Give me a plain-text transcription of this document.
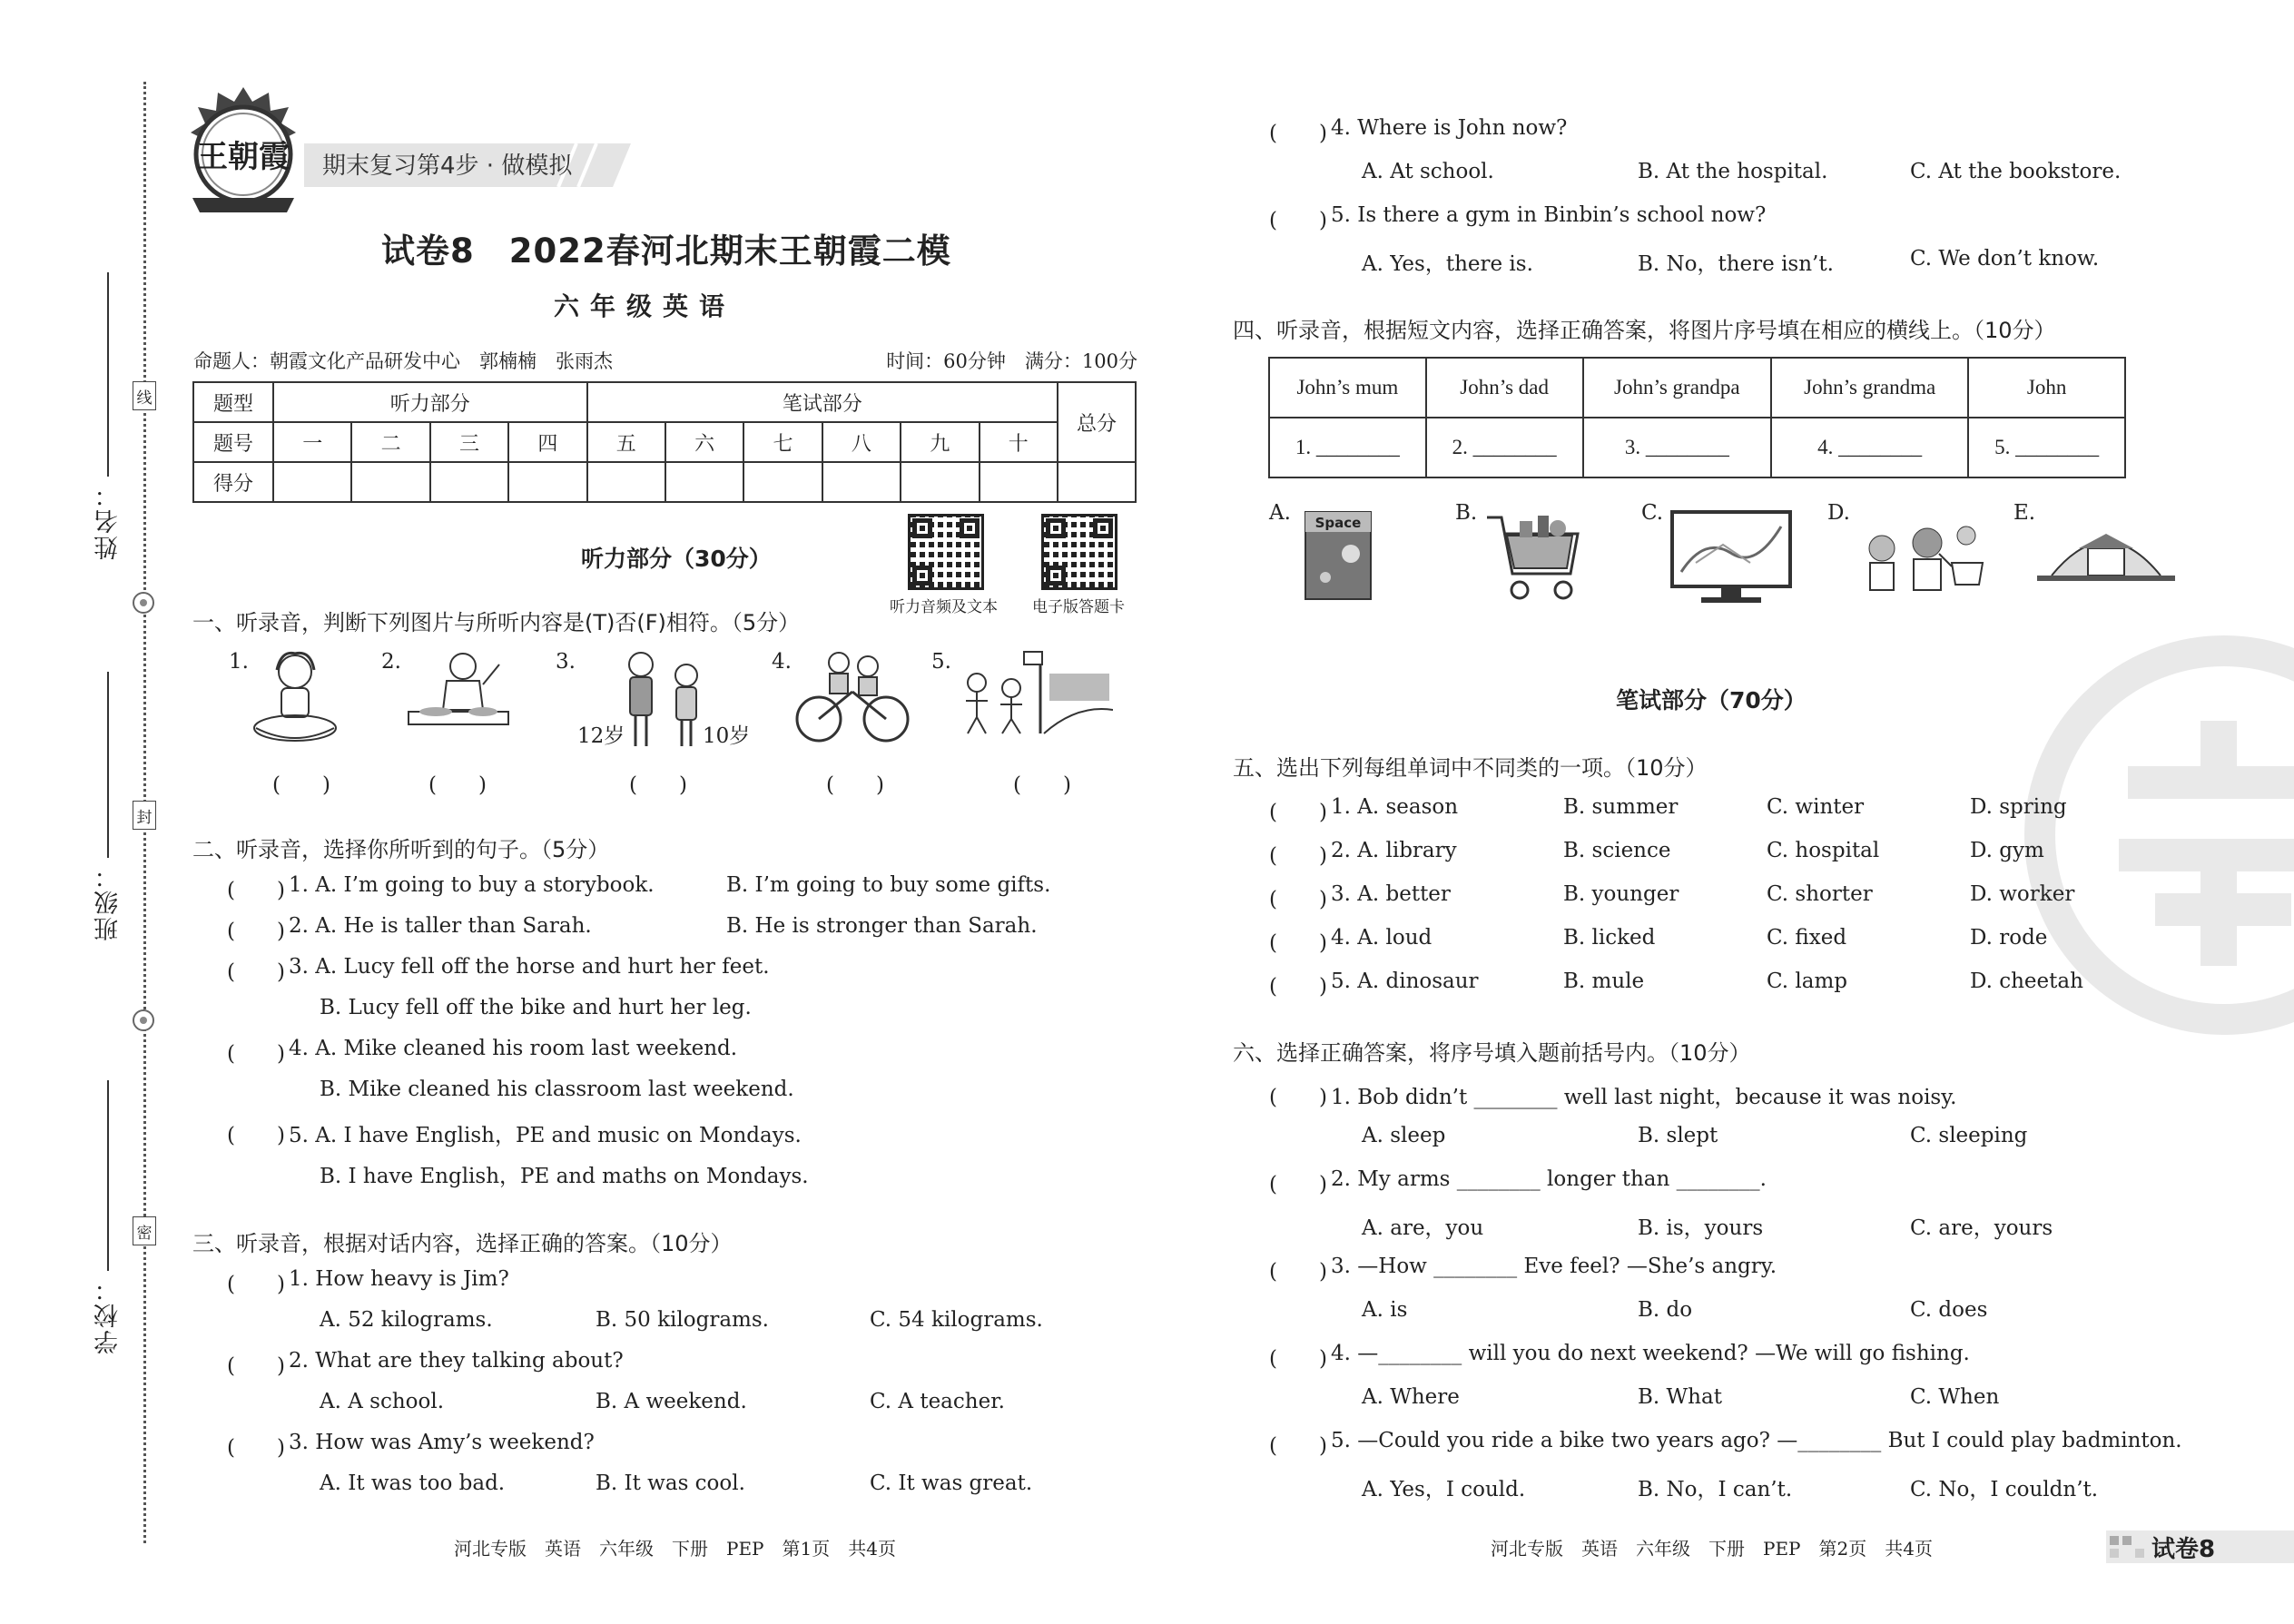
姓名：
班级：
学校：
线
封
密
王朝霞 期末复习第4步 · 做模拟
试卷8　2022春河北期末王朝霞二模
六年级英语
命题人：朝霞文化产品研发中心　郭楠楠　张雨杰	时间：60分钟　满分：100分
题型	听力部分				笔试部分						总分
题号	一	二	三	四	五	六	七	八	九	十	
得分											
听力部分（30分）
听力音频及文本 电子版答题卡
一、听录音，判断下列图片与所听内容是(T)否(F)相符。（5分）
1.	2.	3.	4.	5.
12岁	10岁
(　　)	(　　)	(　　)	(　　)	(　　)
二、听录音，选择你所听到的句子。（5分）
(　　) 1. A. I’m going to buy a storybook.	B. I’m going to buy some gifts.
(　　) 2. A. He is taller than Sarah.	B. He is stronger than Sarah.
(　　) 3. A. Lucy fell off the horse and hurt her feet.
B. Lucy fell off the bike and hurt her leg.
(　　) 4. A. Mike cleaned his room last weekend.
B. Mike cleaned his classroom last weekend.
(　　) 5. A. I have English，PE and music on Mondays.
B. I have English，PE and maths on Mondays.
三、听录音，根据对话内容，选择正确的答案。（10分）
(　　) 1. How heavy is Jim?
A. 52 kilograms.	B. 50 kilograms.	C. 54 kilograms.
(　　) 2. What are they talking about?
A. A school.	B. A weekend.	C. A teacher.
(　　) 3. How was Amy’s weekend?
A. It was too bad.	B. It was cool.	C. It was great.
河北专版　英语　六年级　下册　PEP　第1页　共4页
(　　) 4. Where is John now?
A. At school.	B. At the hospital.	C. At the bookstore.
(　　) 5. Is there a gym in Binbin’s school now?
A. Yes，there is.	B. No，there isn’t.	C. We don’t know.
四、听录音，根据短文内容，选择正确答案，将图片序号填在相应的横线上。（10分）
John’s mum	John’s dad	John’s grandpa	John’s grandma	John
1. ________	2. ________	3. ________	4. ________	5. ________
A.	B.	C.	D.	E.
Space
笔试部分（70分）
五、选出下列每组单词中不同类的一项。（10分）
(　　) 1. A. season	B. summer	C. winter	D. spring
(　　) 2. A. library	B. science	C. hospital	D. gym
(　　) 3. A. better	B. younger	C. shorter	D. worker
(　　) 4. A. loud	B. licked	C. fixed	D. rode
(　　) 5. A. dinosaur	B. mule	C. lamp	D. cheetah
六、选择正确答案，将序号填入题前括号内。（10分）
(　　) 1. Bob didn’t ________ well last night，because it was noisy.
A. sleep	B. slept	C. sleeping
(　　) 2. My arms ________ longer than ________.
A. are，you	B. is，yours	C. are，yours
(　　) 3. —How ________ Eve feel? —She’s angry.
A. is	B. do	C. does
(　　) 4. —________ will you do next weekend? —We will go fishing.
A. Where	B. What	C. When
(　　) 5. —Could you ride a bike two years ago? —________ But I could play badminton.
A. Yes，I could.	B. No，I can’t.	C. No，I couldn’t.
河北专版　英语　六年级　下册　PEP　第2页　共4页	试卷8
